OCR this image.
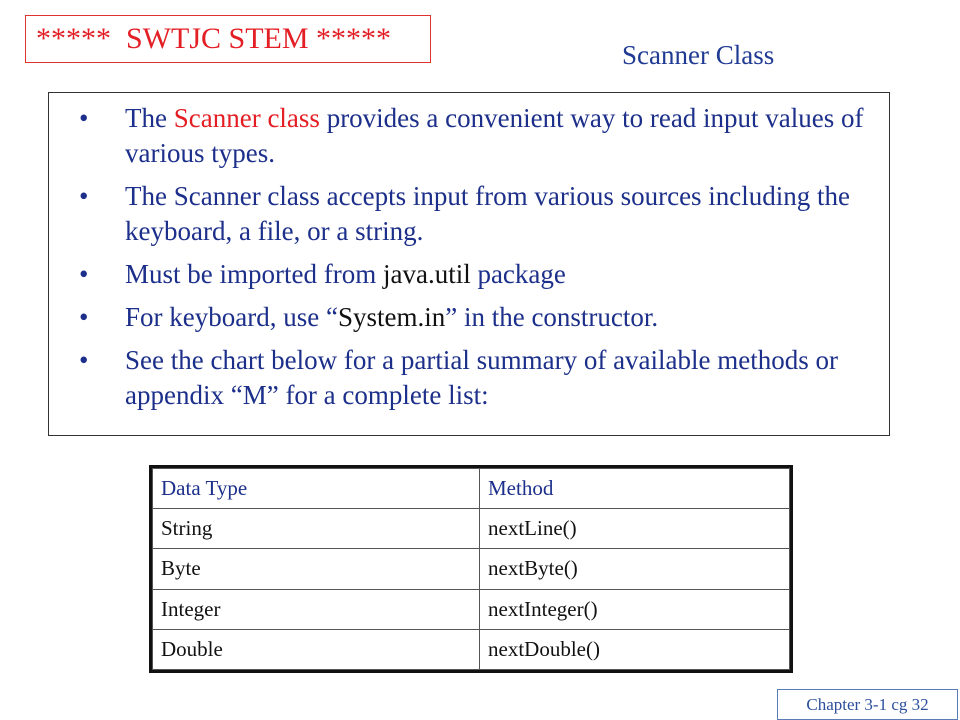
*****  SWTJC STEM *****	Scanner Class
• The Scanner class provides a convenient way to read input values of various types.
• The Scanner class accepts input from various sources including the keyboard, a file, or a string.
• Must be imported from java.util package
• For keyboard, use “System.in” in the constructor.
• See the chart below for a partial summary of available methods or appendix “M” for a complete list:
Data Type	Method
String	nextLine()
Byte	nextByte()
Integer	nextInteger()
Double	nextDouble()
Chapter 3-1 cg 32
